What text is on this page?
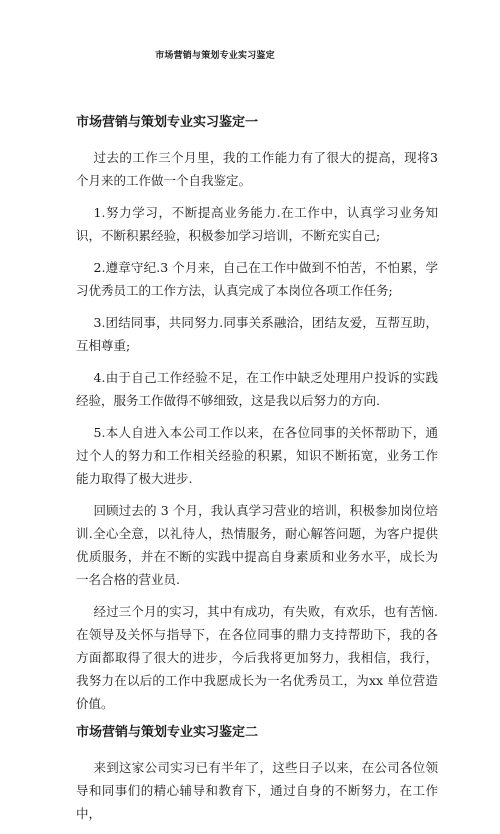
市场营销与策划专业实习鉴定
市场营销与策划专业实习鉴定一

过去的工作三个月里，我的工作能力有了很大的提高，现将3 个月来的工作做一个自我鉴定。

1.努力学习，不断提高业务能力.在工作中，认真学习业务知识，不断积累经验，积极参加学习培训，不断充实自己;

2.遵章守纪.3 个月来，自己在工作中做到不怕苦，不怕累，学习优秀员工的工作方法，认真完成了本岗位各项工作任务;

3.团结同事，共同努力.同事关系融洽，团结友爱，互帮互助，互相尊重;

4.由于自己工作经验不足，在工作中缺乏处理用户投诉的实践经验，服务工作做得不够细致，这是我以后努力的方向.

5.本人自进入本公司工作以来，在各位同事的关怀帮助下，通过个人的努力和工作相关经验的积累，知识不断拓宽，业务工作能力取得了极大进步.

回顾过去的 3 个月，我认真学习营业的培训，积极参加岗位培训.全心全意，以礼待人，热情服务，耐心解答问题，为客户提供优质服务，并在不断的实践中提高自身素质和业务水平，成长为一名合格的营业员.

经过三个月的实习，其中有成功，有失败，有欢乐，也有苦恼.在领导及关怀与指导下，在各位同事的鼎力支持帮助下，我的各方面都取得了很大的进步，今后我将更加努力，我相信，我行，我努力在以后的工作中我愿成长为一名优秀员工，为xx 单位营造价值。

市场营销与策划专业实习鉴定二

来到这家公司实习已有半年了，这些日子以来，在公司各位领导和同事们的精心辅导和教育下，通过自身的不断努力，在工作中，
